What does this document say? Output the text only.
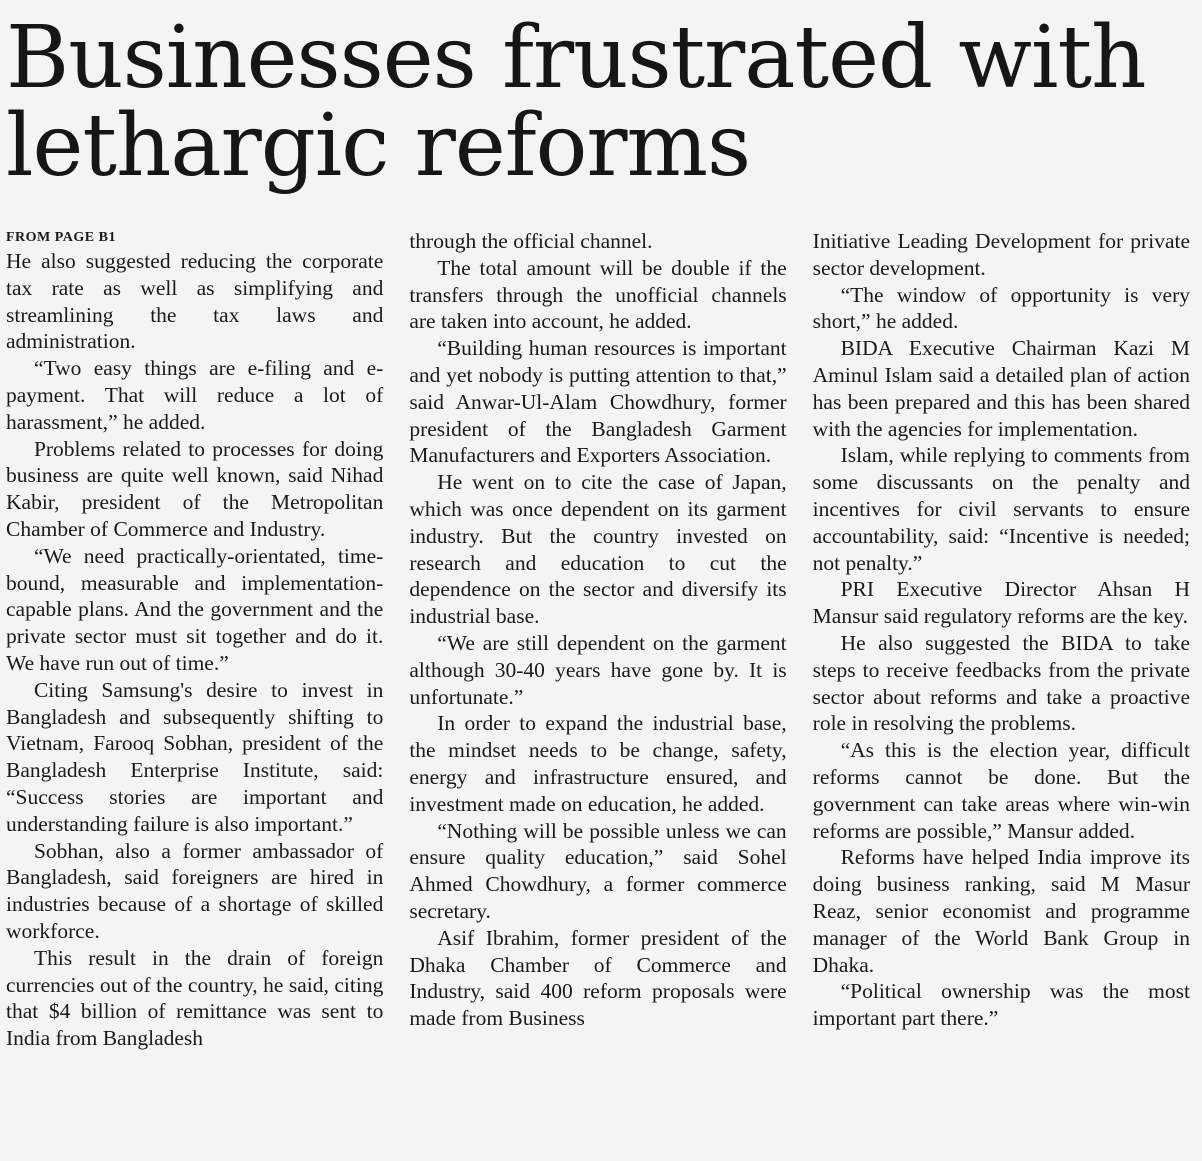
Businesses frustrated with lethargic reforms
FROM PAGE B1

He also suggested reducing the corporate tax rate as well as simplifying and streamlining the tax laws and administration.

“Two easy things are e-filing and e-payment. That will reduce a lot of harassment,” he added.

Problems related to processes for doing business are quite well known, said Nihad Kabir, president of the Metropolitan Chamber of Commerce and Industry.

“We need practically-orientated, time-bound, measurable and implementation-capable plans. And the government and the private sector must sit together and do it. We have run out of time.”

Citing Samsung's desire to invest in Bangladesh and subsequently shifting to Vietnam, Farooq Sobhan, president of the Bangladesh Enterprise Institute, said: “Success stories are important and understanding failure is also important.”

Sobhan, also a former ambassador of Bangladesh, said foreigners are hired in industries because of a shortage of skilled workforce.

This result in the drain of foreign currencies out of the country, he said, citing that $4 billion of remittance was sent to India from Bangladesh

through the official channel.

The total amount will be double if the transfers through the unofficial channels are taken into account, he added.

“Building human resources is important and yet nobody is putting attention to that,” said Anwar-Ul-Alam Chowdhury, former president of the Bangladesh Garment Manufacturers and Exporters Association.

He went on to cite the case of Japan, which was once dependent on its garment industry. But the country invested on research and education to cut the dependence on the sector and diversify its industrial base.

“We are still dependent on the garment although 30-40 years have gone by. It is unfortunate.”

In order to expand the industrial base, the mindset needs to be change, safety, energy and infrastructure ensured, and investment made on education, he added.

“Nothing will be possible unless we can ensure quality education,” said Sohel Ahmed Chowdhury, a former commerce secretary.

Asif Ibrahim, former president of the Dhaka Chamber of Commerce and Industry, said 400 reform proposals were made from Business

Initiative Leading Development for private sector development.

“The window of opportunity is very short,” he added.

BIDA Executive Chairman Kazi M Aminul Islam said a detailed plan of action has been prepared and this has been shared with the agencies for implementation.

Islam, while replying to comments from some discussants on the penalty and incentives for civil servants to ensure accountability, said: “Incentive is needed; not penalty.”

PRI Executive Director Ahsan H Mansur said regulatory reforms are the key.

He also suggested the BIDA to take steps to receive feedbacks from the private sector about reforms and take a proactive role in resolving the problems.

“As this is the election year, difficult reforms cannot be done. But the government can take areas where win-win reforms are possible,” Mansur added.

Reforms have helped India improve its doing business ranking, said M Masur Reaz, senior economist and programme manager of the World Bank Group in Dhaka.

“Political ownership was the most important part there.”
